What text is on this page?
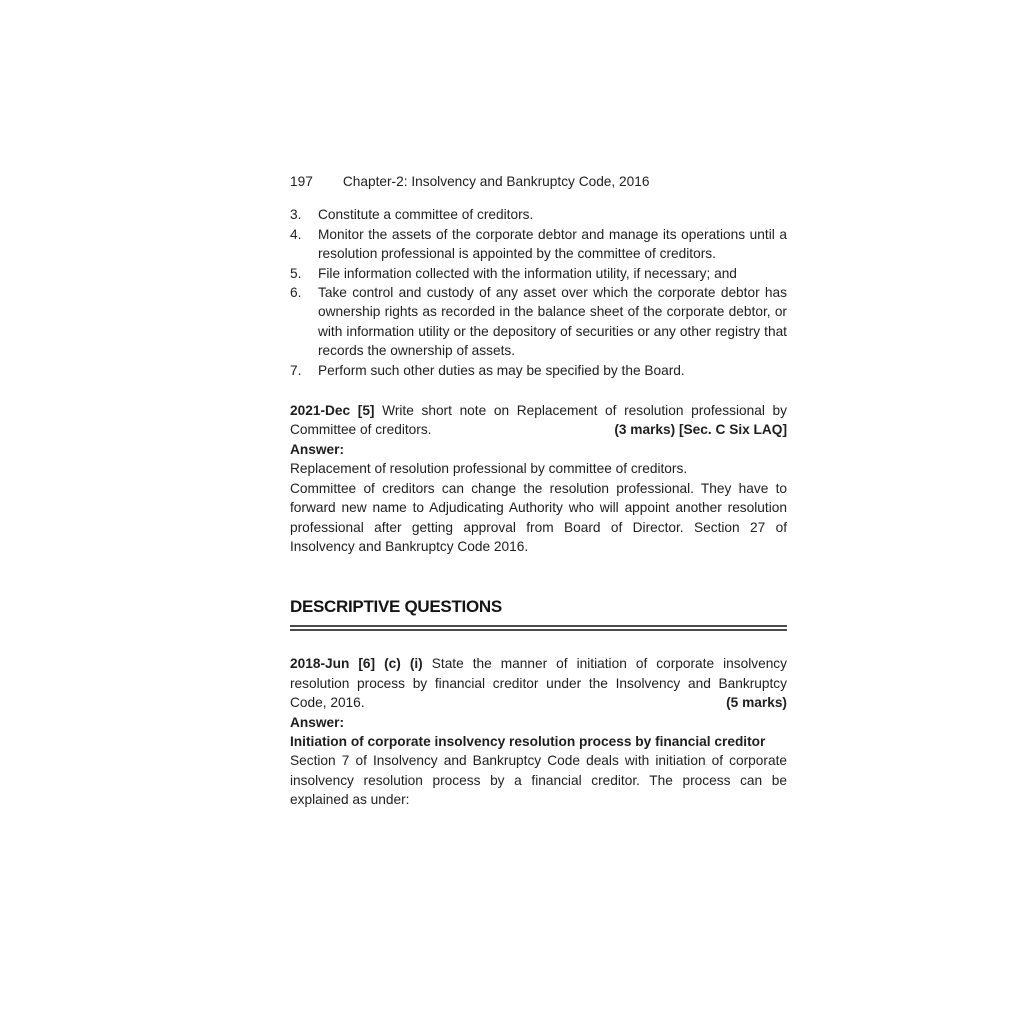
197 Chapter-2: Insolvency and Bankruptcy Code, 2016
3.	Constitute a committee of creditors.
4.	Monitor the assets of the corporate debtor and manage its operations until a resolution professional is appointed by the committee of creditors.
5.	File information collected with the information utility, if necessary; and
6.	Take control and custody of any asset over which the corporate debtor has ownership rights as recorded in the balance sheet of the corporate debtor, or with information utility or the depository of securities or any other registry that records the ownership of assets.
7.	Perform such other duties as may be specified by the Board.

2021-Dec [5] Write short note on Replacement of resolution professional by Committee of creditors.	(3 marks) [Sec. C Six LAQ]

Answer:

Replacement of resolution professional by committee of creditors.

Committee of creditors can change the resolution professional. They have to forward new name to Adjudicating Authority who will appoint another resolution professional after getting approval from Board of Director. Section 27 of Insolvency and Bankruptcy Code 2016.

DESCRIPTIVE QUESTIONS

2018-Jun [6] (c) (i) State the manner of initiation of corporate insolvency resolution process by financial creditor under the Insolvency and Bankruptcy Code, 2016.	(5 marks)

Answer:

Initiation of corporate insolvency resolution process by financial creditor

Section 7 of Insolvency and Bankruptcy Code deals with initiation of corporate insolvency resolution process by a financial creditor. The process can be explained as under:
